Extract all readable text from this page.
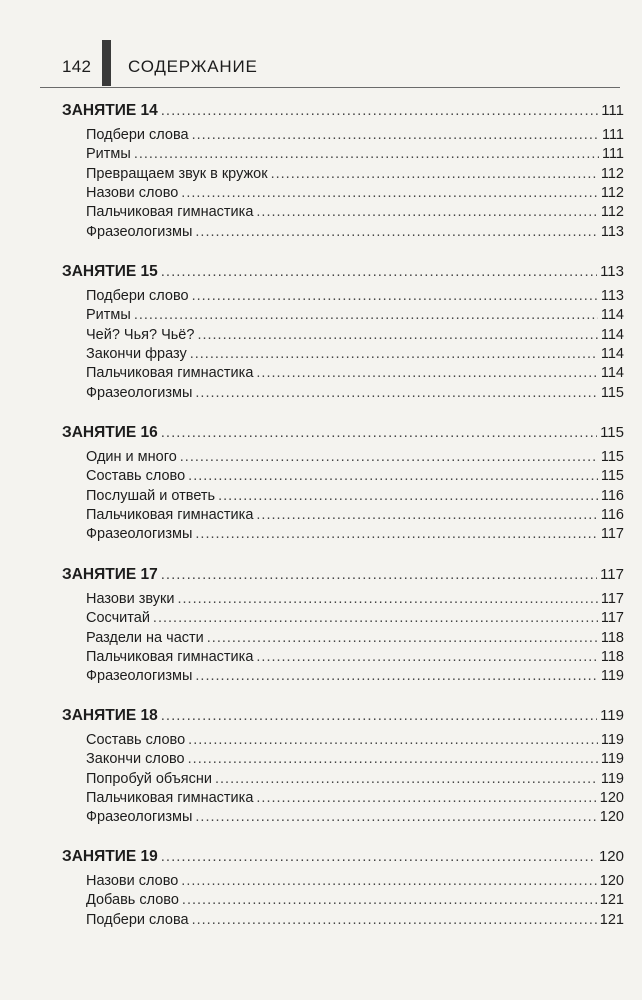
142 СОДЕРЖАНИЕ
ЗАНЯТИЕ 14 .....	111
Подбери слова .....	111
Ритмы .....	111
Превращаем звук в кружок .....	112
Назови слово .....	112
Пальчиковая гимнастика .....	112
Фразеологизмы .....	113
ЗАНЯТИЕ 15 .....	113
Подбери слово .....	113
Ритмы .....	114
Чей? Чья? Чьё? .....	114
Закончи фразу .....	114
Пальчиковая гимнастика .....	114
Фразеологизмы .....	115
ЗАНЯТИЕ 16 .....	115
Один и много .....	115
Составь слово .....	115
Послушай и ответь .....	116
Пальчиковая гимнастика .....	116
Фразеологизмы .....	117
ЗАНЯТИЕ 17 .....	117
Назови звуки .....	117
Сосчитай .....	117
Раздели на части .....	118
Пальчиковая гимнастика .....	118
Фразеологизмы .....	119
ЗАНЯТИЕ 18 .....	119
Составь слово .....	119
Закончи слово .....	119
Попробуй объясни .....	119
Пальчиковая гимнастика .....	120
Фразеологизмы .....	120
ЗАНЯТИЕ 19 .....	120
Назови слово .....	120
Добавь слово .....	121
Подбери слова .....	121
